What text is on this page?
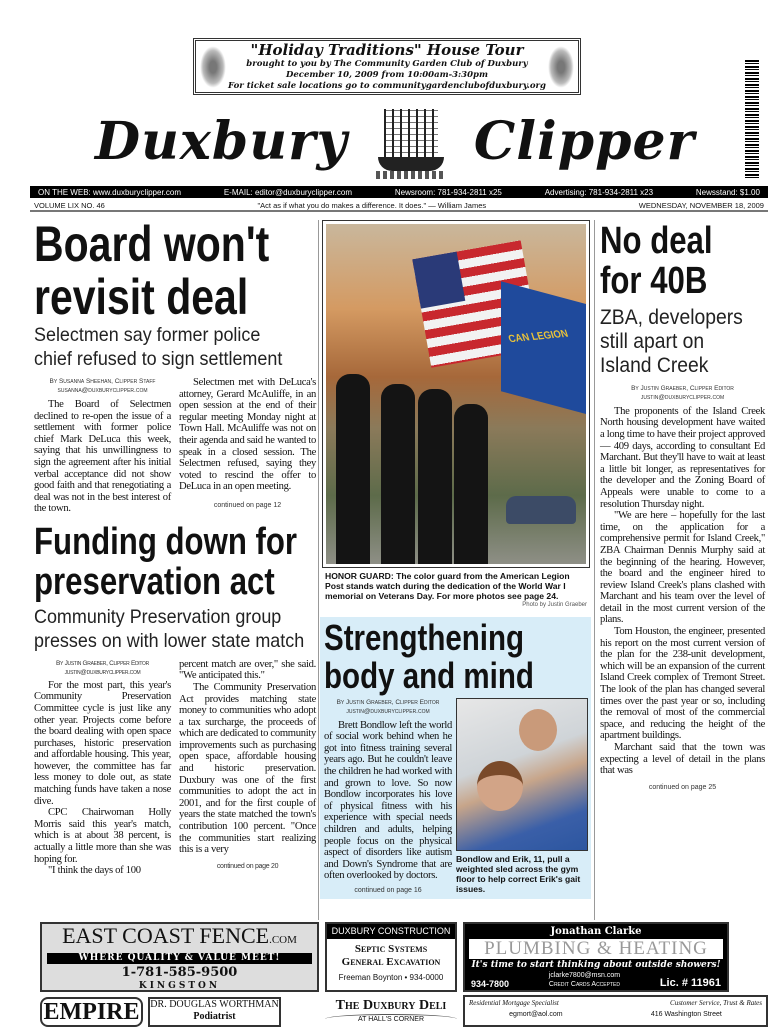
"Holiday Traditions" House Tour
brought to you by The Community Garden Club of Duxbury
December 10, 2009 from 10:00am-3:30pm
For ticket sale locations go to communitygardenclubofduxbury.org
Duxbury Clipper
ON THE WEB: www.duxburyclipper.com	E-MAIL: editor@duxburyclipper.com	Newsroom: 781-934-2811 x25	Advertising: 781-934-2811 x23	Newsstand: $1.00
VOLUME LIX NO. 46	"Act as if what you do makes a difference. It does." — William James	WEDNESDAY, NOVEMBER 18, 2009
Board won't
revisit deal
Selectmen say former police
chief refused to sign settlement
By Susanna Sheehan, Clipper Staff
susanna@duxburyclipper.com

The Board of Selectmen declined to re-open the issue of a settlement with former police chief Mark DeLuca this week, saying that his unwillingness to sign the agreement after his initial verbal acceptance did not show good faith and that renegotiating a deal was not in the best interest of the town.

Selectmen met with DeLuca's attorney, Gerard McAuliffe, in an open session at the end of their regular meeting Monday night at Town Hall. McAuliffe was not on their agenda and said he wanted to speak in a closed session. The Selectmen refused, saying they voted to rescind the offer to DeLuca in an open meeting.

continued on page 12
Funding down for
preservation act
Community Preservation group
presses on with lower state match
By Justin Graeber, Clipper Editor
justin@duxburyclipper.com

For the most part, this year's Community Preservation Committee cycle is just like any other year. Projects come before the board dealing with open space purchases, historic preservation and affordable housing. This year, however, the committee has far less money to dole out, as state matching funds have taken a nose dive.

CPC Chairwoman Holly Morris said this year's match, which is at about 38 percent, is actually a little more than she was hoping for.

"I think the days of 100

percent match are over," she said. "We anticipated this."

The Community Preservation Act provides matching state money to communities who adopt a tax surcharge, the proceeds of which are dedicated to community improvements such as purchasing open space, affordable housing and historic preservation. Duxbury was one of the first communities to adopt the act in 2001, and for the first couple of years the state matched the town's contribution 100 percent. "Once the communities start realizing this is a very

continued on page 20
CAN LEGION
HONOR GUARD: The color guard from the American Legion Post stands watch during the dedication of the World War I memorial on Veterans Day. For more photos see page 24.
Photo by Justin Graeber
Strengthening
body and mind
By Justin Graeber, Clipper Editor
justin@duxburyclipper.com

Brett Bondlow left the world of social work behind when he got into fitness training several years ago. But he couldn't leave the children he had worked with and grown to love. So now Bondlow incorporates his love of physical fitness with his experience with special needs children and adults, helping people focus on the physical aspect of disorders like autism and Down's Syndrome that are often overlooked by doctors.

continued on page 16
Bondlow and Erik, 11, pull a weighted sled across the gym floor to help correct Erik's gait issues.
No deal
for 40B
ZBA, developers
still apart on
Island Creek
By Justin Graeber, Clipper Editor
justin@duxburyclipper.com

The proponents of the Island Creek North housing development have waited a long time to have their project approved — 409 days, according to consultant Ed Marchant. But they'll have to wait at least a little bit longer, as representatives for the developer and the Zoning Board of Appeals were unable to come to a resolution Thursday night.

"We are here – hopefully for the last time, on the application for a comprehensive permit for Island Creek," ZBA Chairman Dennis Murphy said at the beginning of the hearing. However, the board and the engineer hired to review Island Creek's plans clashed with Marchant and his team over the level of detail in the most current version of the plans.

Tom Houston, the engineer, presented his report on the most current version of the plan for the 238-unit development, which will be an expansion of the current Island Creek complex of Tremont Street. The look of the plan has changed several times over the past year or so, including the removal of most of the commercial space, and reducing the height of the apartment buildings.

Marchant said that the town was expecting a level of detail in the plans that was

continued on page 25
EAST COAST FENCE.COM
WHERE QUALITY & VALUE MEET!
1-781-585-9500
KINGSTON
DUXBURY CONSTRUCTION
Septic Systems
General Excavation
Freeman Boynton • 934-0000
Jonathan Clarke
PLUMBING & HEATING
It's time to start thinking about outside showers!
934-7800
jclarke7800@msn.com
Credit Cards Accepted	Lic. # 11961
EMPIRE	DR. DOUGLAS WORTHMAN
Podiatrist
The Duxbury Deli
AT HALL'S CORNER
Residential Mortgage Specialist	Customer Service, Trust & Rates
egmort@aol.com	416 Washington Street
